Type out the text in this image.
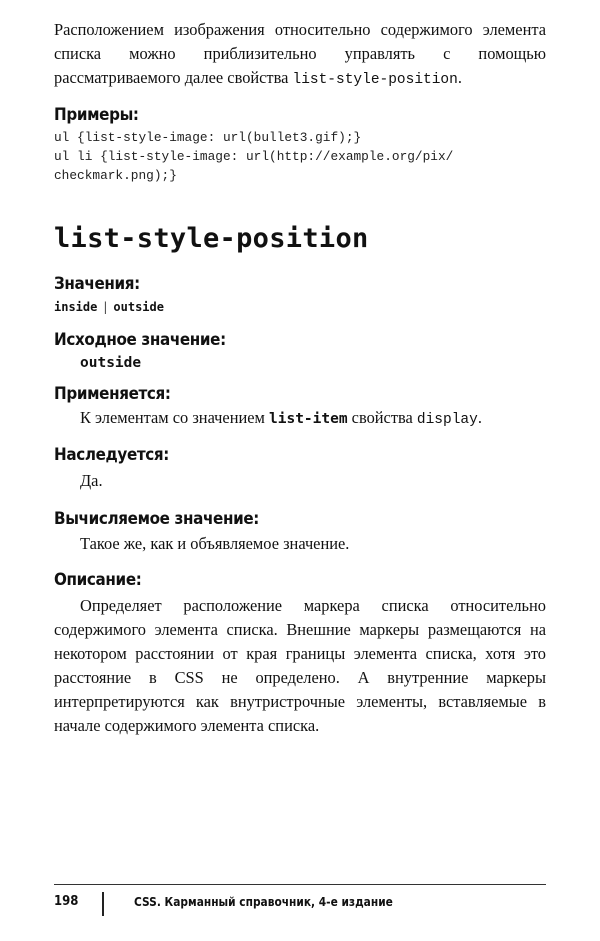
Расположением изображения относительно содержимого элемента списка можно приблизительно управлять с помощью рассматриваемого далее свойства list-style-position.

Примеры:
ul {list-style-image: url(bullet3.gif);}
ul li {list-style-image: url(http://example.org/pix/
checkmark.png);}
list-style-position
Значения:
inside | outside
Исходное значение:
outside
Применяется:
К элементам со значением list-item свойства display.
Наследуется:
Да.
Вычисляемое значение:
Такое же, как и объявляемое значение.
Описание:

Определяет расположение маркера списка относительно содержимого элемента списка. Внешние маркеры размещаются на некотором расстоянии от края границы элемента списка, хотя это расстояние в CSS не определено. А внутренние маркеры интерпретируются как внутристрочные элементы, вставляемые в начале содержимого элемента списка.

198	CSS. Карманный справочник, 4-е издание
